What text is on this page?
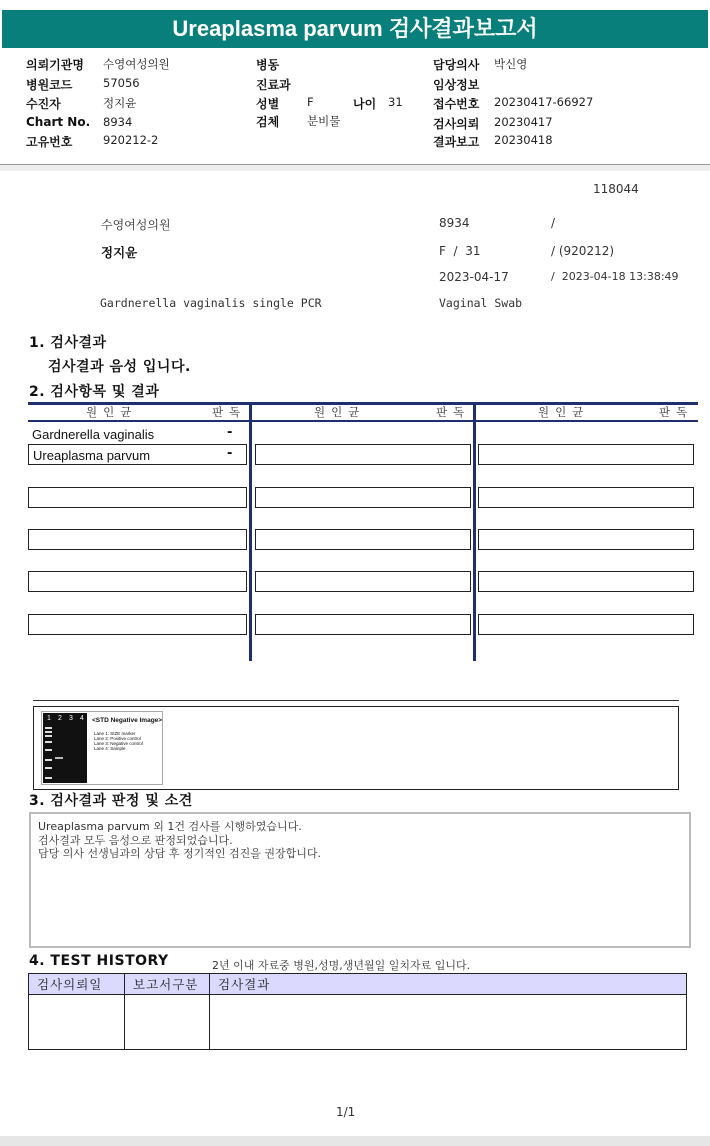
Ureaplasma parvum 검사결과보고서
의뢰기관명 수영여성의원
병원코드	57056
수진자	정지윤
Chart No. 8934
고유번호	920212-2
병동
진료과
성별 F	나이 31
검체 분비물
담당의사 박신영
임상정보
접수번호 20230417-66927
검사의뢰 20230417
결과보고 20230418
118044
수영여성의원	8934	/
정지윤	F  /  31	/ (920212)
2023-04-17	/  2023-04-18 13:38:49
Gardnerella vaginalis single PCR	Vaginal Swab
1. 검사결과
검사결과 음성 입니다.
2. 검사항목 및 결과
원인균	판독	원인균	판독	원인균	판독
Gardnerella vaginalis	-
Ureaplasma parvum	-
1 2 3 4 <STD Negative Image>
Lane 1: SIZE marker
Lane 2: Positive control
Lane 3: Negative control
Lane 4: Sample
3. 검사결과 판정 및 소견
Ureaplasma parvum 외 1건 검사를 시행하였습니다.
검사결과 모두 음성으로 판정되었습니다.
담당 의사 선생님과의 상담 후 정기적인 검진을 권장합니다.
4. TEST HISTORY	2년 이내 자료중 병원,성명,생년월일 일치자료 입니다.
검사의뢰일	보고서구분	검사결과

1/1
